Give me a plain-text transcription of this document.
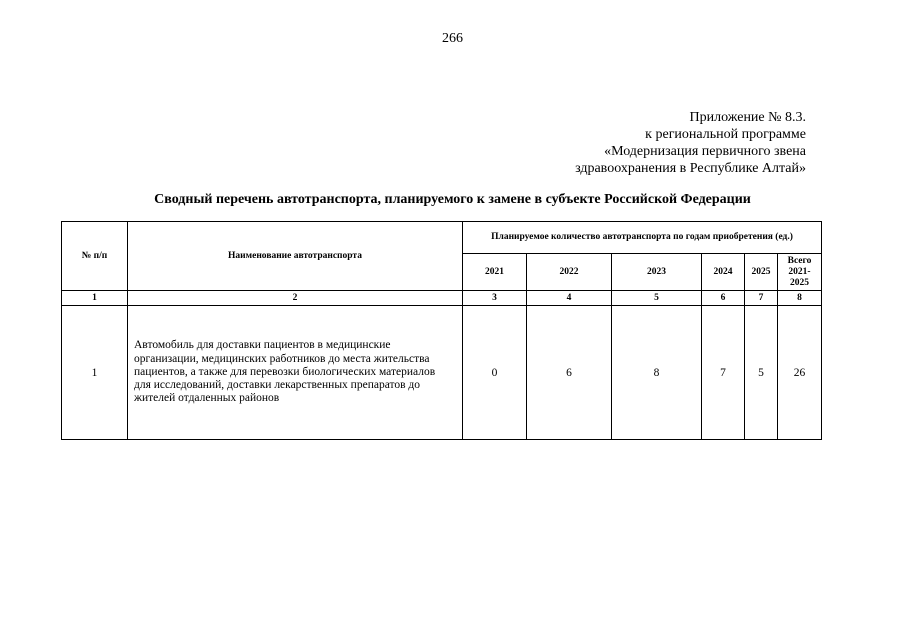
266
Приложение № 8.3.
к региональной программе
«Модернизация первичного звена
здравоохранения в Республике Алтай»
Сводный перечень автотранспорта, планируемого к замене в субъекте Российской Федерации
№ п/п	Наименование автотранспорта	Планируемое количество автотранспорта по годам приобретения (ед.)					

		2021	2022	2023	2024	2025	Всего
2021-
2025

1	2	3	4	5	6	7	8
1	Автомобиль для доставки пациентов в медицинские организации, медицинских работников до места жительства пациентов, а также для перевозки биологических материалов для исследований, доставки лекарственных препаратов до жителей отдаленных районов	0	6	8	7	5	26
